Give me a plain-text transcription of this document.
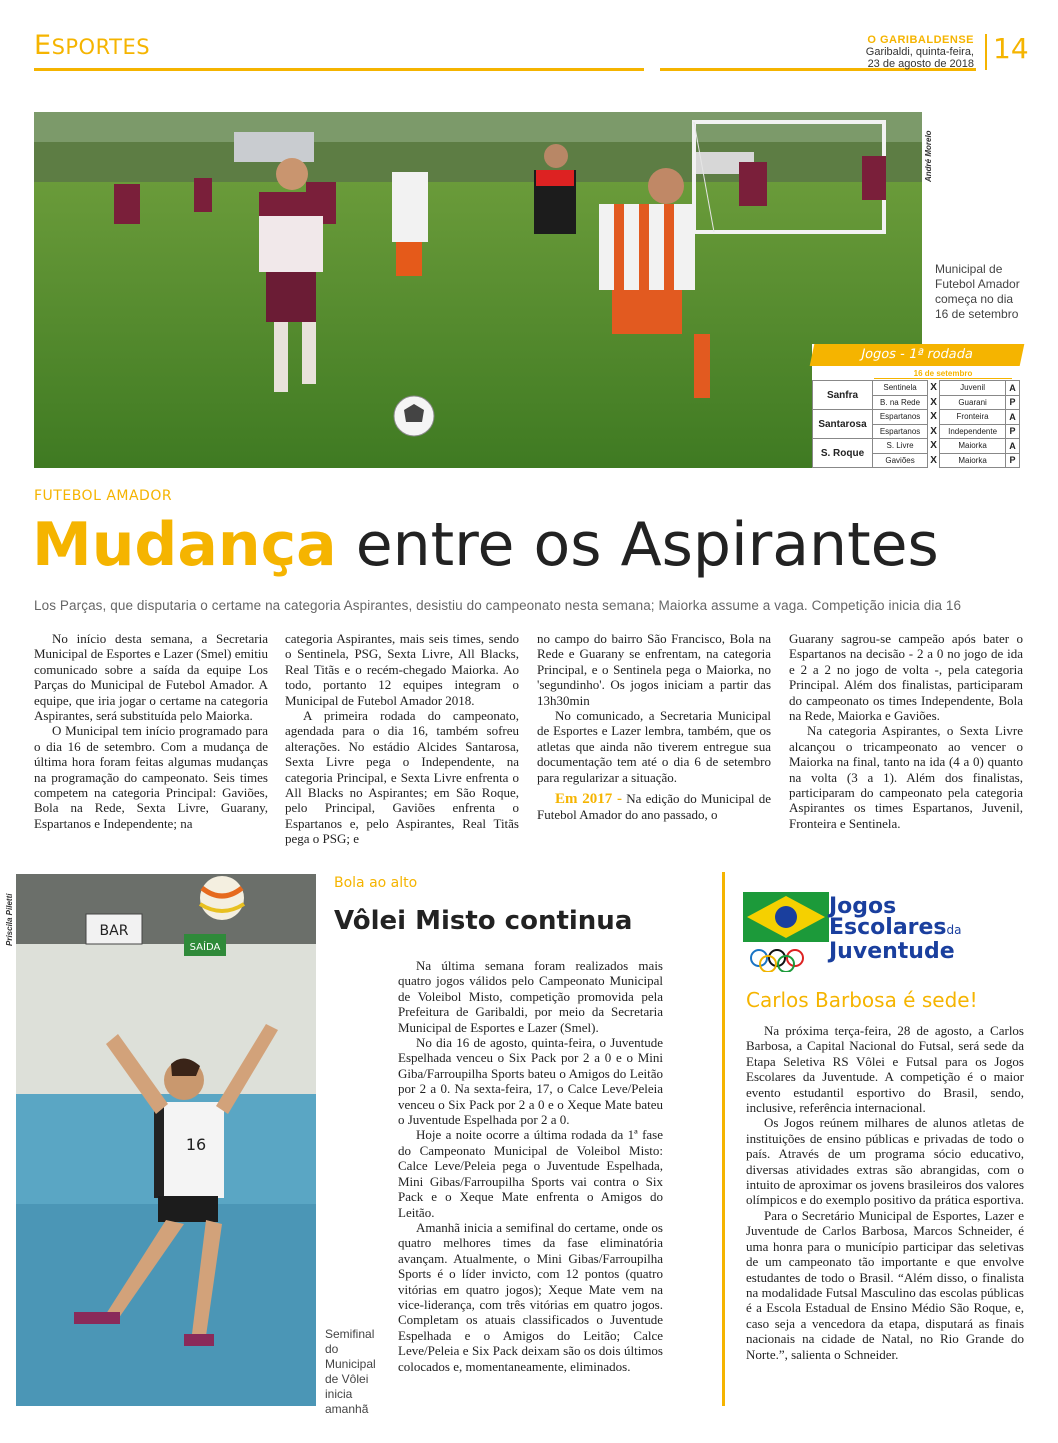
ESPORTES	O GARIBALDENSE
Garibaldi, quinta-feira,
23 de agosto de 2018 14
André Morelo
Municipal de Futebol Amador começa no dia 16 de setembro
Jogos - 1ª rodada
16 de setembro
Sanfra	Sentinela	X	Juvenil	A
	B. na Rede	X	Guarani	P
Santarosa	Espartanos	X	Fronteira	A
	Espartanos	X	Independente	P
S. Roque	S. Livre	X	Maiorka	A
	Gaviões	X	Maiorka	P
FUTEBOL AMADOR
Mudança entre os Aspirantes
Los Parças, que disputaria o certame na categoria Aspirantes, desistiu do campeonato nesta semana; Maiorka assume a vaga. Competição inicia dia 16

No início desta semana, a Secretaria Municipal de Esportes e Lazer (Smel) emitiu comunicado sobre a saída da equipe Los Parças do Municipal de Futebol Amador. A equipe, que iria jogar o certame na categoria Aspirantes, será substituída pelo Maiorka.

O Municipal tem início programado para o dia 16 de setembro. Com a mudança de última hora foram feitas algumas mudanças na programação do campeonato. Seis times competem na categoria Principal: Gaviões, Bola na Rede, Sexta Livre, Guarany, Espartanos e Independente; na

categoria Aspirantes, mais seis times, sendo o Sentinela, PSG, Sexta Livre, All Blacks, Real Titãs e o recém-chegado Maiorka. Ao todo, portanto 12 equipes integram o Municipal de Futebol Amador 2018.

A primeira rodada do campeonato, agendada para o dia 16, também sofreu alterações. No estádio Alcides Santarosa, Sexta Livre pega o Independente, na categoria Principal, e Sexta Livre enfrenta o All Blacks no Aspirantes; em São Roque, pelo Principal, Gaviões enfrenta o Espartanos e, pelo Aspirantes, Real Titãs pega o PSG; e

no campo do bairro São Francisco, Bola na Rede e Guarany se enfrentam, na categoria Principal, e o Sentinela pega o Maiorka, no 'segundinho'. Os jogos iniciam a partir das 13h30min

No comunicado, a Secretaria Municipal de Esportes e Lazer lembra, também, que os atletas que ainda não tiverem entregue sua documentação tem até o dia 6 de setembro para regularizar a situação.

Em 2017 - Na edição do Municipal de Futebol Amador do ano passado, o

Guarany sagrou-se campeão após bater o Espartanos na decisão - 2 a 0 no jogo de ida e 2 a 2 no jogo de volta -, pela categoria Principal. Além dos finalistas, participaram do campeonato os times Independente, Bola na Rede, Maiorka e Gaviões.

Na categoria Aspirantes, o Sexta Livre alcançou o tricampeonato ao vencer o Maiorka na final, tanto na ida (4 a 0) quanto na volta (3 a 1). Além dos finalistas, participaram do campeonato pela categoria Aspirantes os times Espartanos, Juvenil, Fronteira e Sentinela.

BAR
SAÍDA
16
Priscila Piletti
Semifinal do Municipal de Vôlei inicia amanhã
Bola ao alto
Vôlei Misto continua

Na última semana foram realizados mais quatro jogos válidos pelo Campeonato Municipal de Voleibol Misto, competição promovida pela Prefeitura de Garibaldi, por meio da Secretaria Municipal de Esportes e Lazer (Smel).

No dia 16 de agosto, quinta-feira, o Juventude Espelhada venceu o Six Pack por 2 a 0 e o Mini Giba/Farroupilha Sports bateu o Amigos do Leitão por 2 a 0. Na sexta-feira, 17, o Calce Leve/Peleia venceu o Six Pack por 2 a 0 e o Xeque Mate bateu o Juventude Espelhada por 2 a 0.

Hoje a noite ocorre a última rodada da 1ª fase do Campeonato Municipal de Voleibol Misto: Calce Leve/Peleia pega o Juventude Espelhada, Mini Gibas/Farroupilha Sports vai contra o Six Pack e o Xeque Mate enfrenta o Amigos do Leitão.

Amanhã inicia a semifinal do certame, onde os quatro melhores times da fase eliminatória avançam. Atualmente, o Mini Gibas/Farroupilha Sports é o líder invicto, com 12 pontos (quatro vitórias em quatro jogos); Xeque Mate vem na vice-liderança, com três vitórias em quatro jogos. Completam os atuais classificados o Juventude Espelhada e o Amigos do Leitão; Calce Leve/Peleia e Six Pack deixam são os dois últimos colocados e, momentaneamente, eliminados.

Jogos
Escolaresda
Juventude
Carlos Barbosa é sede!

Na próxima terça-feira, 28 de agosto, a Carlos Barbosa, a Capital Nacional do Futsal, será sede da Etapa Seletiva RS Vôlei e Futsal para os Jogos Escolares da Juventude. A competição é o maior evento estudantil esportivo do Brasil, sendo, inclusive, referência internacional.

Os Jogos reúnem milhares de alunos atletas de instituições de ensino públicas e privadas de todo o país. Através de um programa sócio educativo, diversas atividades extras são abrangidas, com o intuito de aproximar os jovens brasileiros dos valores olímpicos e do exemplo positivo da prática esportiva.

Para o Secretário Municipal de Esportes, Lazer e Juventude de Carlos Barbosa, Marcos Schneider, é uma honra para o município participar das seletivas de um campeonato tão importante e que envolve estudantes de todo o Brasil. “Além disso, o finalista na modalidade Futsal Masculino das escolas públicas é a Escola Estadual de Ensino Médio São Roque, e, caso seja a vencedora da etapa, disputará as finais nacionais na cidade de Natal, no Rio Grande do Norte.”, salienta o Schneider.
